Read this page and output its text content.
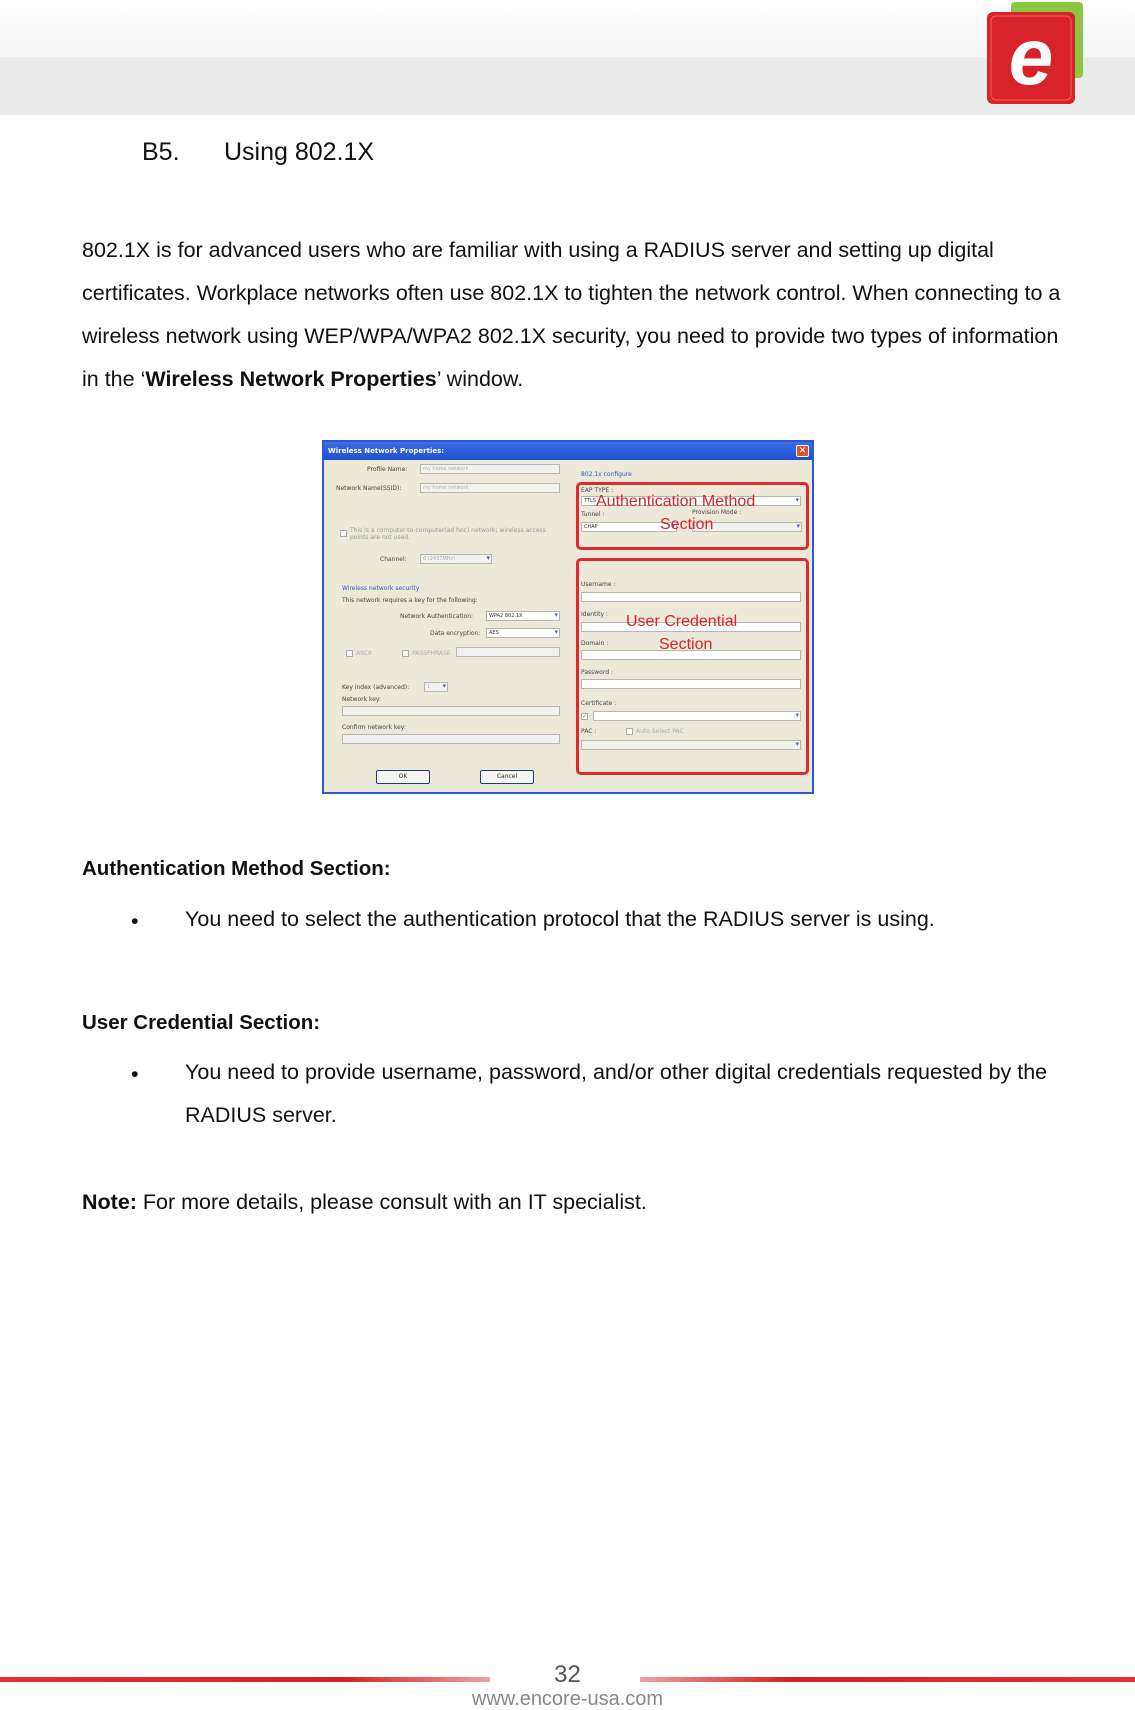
e
B5. Using 802.1X
802.1X is for advanced users who are familiar with using a RADIUS server and setting up digital certificates. Workplace networks often use 802.1X to tighten the network control. When connecting to a wireless network using WEP/WPA/WPA2 802.1X security, you need to provide two types of information in the ‘Wireless Network Properties’ window.
Wireless Network Properties:	✕
Profile Name:	my home network
Network Name(SSID):	my home network
This is a computer-to-computer(ad hoc) network; wireless access points are not used.
Channel:	6 (2437MHz) ▾
Wireless network security
This network requires a key for the following:
Network Authentication:	WPA2 802.1X ▾
Data encryption:	AES ▾
ASCII	PASSPHRASE
Key index (advanced):	1 ▾
Network key:
Confirm network key:
OK	Cancel
802.1x configure
EAP TYPE :
TTLS ▾
Tunnel :	Provision Mode :
CHAP ▾
▾
Username :
Identity :
Domain :
Password :
Certificate :
✓
▾
PAC :	Auto Select PAC
▾
Authentication Method
Section
User Credential
Section
Authentication Method Section:
• You need to select the authentication protocol that the RADIUS server is using.
User Credential Section:
• You need to provide username, password, and/or other digital credentials requested by the RADIUS server.
Note: For more details, please consult with an IT specialist.
32
www.encore-usa.com
